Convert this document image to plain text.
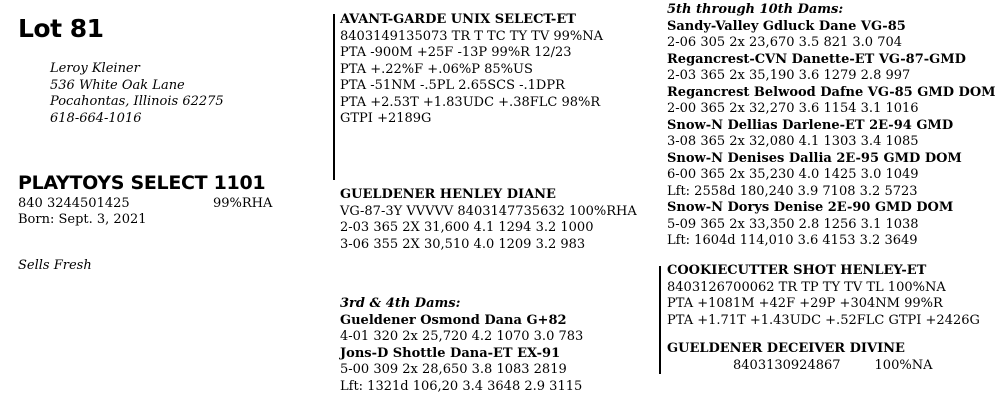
Lot 81
Leroy Kleiner
536 White Oak Lane
Pocahontas, Illinois 62275
618-664-1016
PLAYTOYS SELECT 1101
840 3244501425	99%RHA
Born: Sept. 3, 2021
Sells Fresh
AVANT-GARDE UNIX SELECT-ET
8403149135073 TR T TC TY TV 99%NA
PTA -900M +25F -13P 99%R 12/23
PTA +.22%F +.06%P 85%US
PTA -51NM -.5PL 2.65SCS -.1DPR
PTA +2.53T +1.83UDC +.38FLC 98%R
GTPI +2189G
GUELDENER HENLEY DIANE
VG-87-3Y VVVVV 8403147735632 100%RHA
2-03 365 2X 31,600 4.1 1294 3.2 1000
3-06 355 2X 30,510 4.0 1209 3.2 983
3rd & 4th Dams:
Gueldener Osmond Dana G+82
4-01 320 2x 25,720 4.2 1070 3.0 783
Jons-D Shottle Dana-ET EX-91
5-00 309 2x 28,650 3.8 1083 2819
Lft: 1321d 106,20 3.4 3648 2.9 3115
5th through 10th Dams:
Sandy-Valley Gdluck Dane VG-85
2-06 305 2x 23,670 3.5 821 3.0 704
Regancrest-CVN Danette-ET VG-87-GMD
2-03 365 2x 35,190 3.6 1279 2.8 997
Regancrest Belwood Dafne VG-85 GMD DOM
2-00 365 2x 32,270 3.6 1154 3.1 1016
Snow-N Dellias Darlene-ET 2E-94 GMD
3-08 365 2x 32,080 4.1 1303 3.4 1085
Snow-N Denises Dallia 2E-95 GMD DOM
6-00 365 2x 35,230 4.0 1425 3.0 1049
Lft: 2558d 180,240 3.9 7108 3.2 5723
Snow-N Dorys Denise 2E-90 GMD DOM
5-09 365 2x 33,350 2.8 1256 3.1 1038
Lft: 1604d 114,010 3.6 4153 3.2 3649
COOKIECUTTER SHOT HENLEY-ET
8403126700062 TR TP TY TV TL 100%NA
PTA +1081M +42F +29P +304NM 99%R
PTA +1.71T +1.43UDC +.52FLC GTPI +2426G
GUELDENER DECEIVER DIVINE
8403130924867	100%NA
